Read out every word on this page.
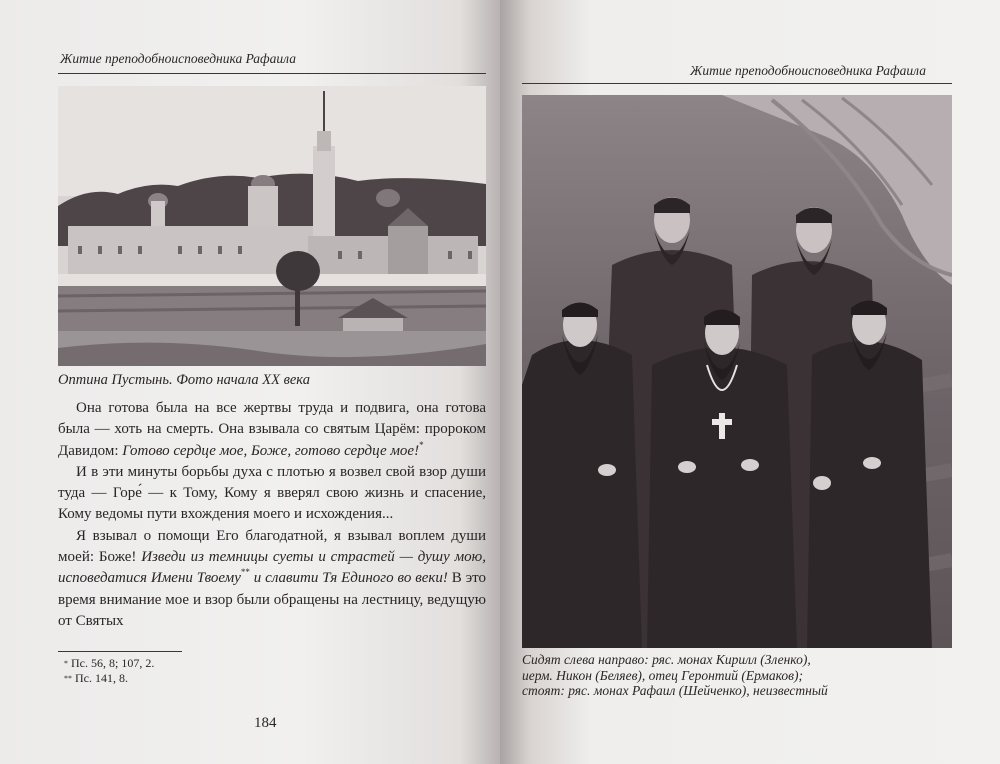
Житие преподобноисповедника Рафаила
Оптина Пустынь. Фото начала XX века

Она готова была на все жертвы труда и подвига, она готова была — хоть на смерть. Она взывала со святым Царём: пророком Давидом: Готово сердце мое, Боже, готово сердце мое!*

И в эти минуты борьбы духа с плотью я возвел свой взор души туда — Горе́ — к Тому, Кому я вверял свою жизнь и спасение, Кому ведомы пути вхождения моего и исхождения...

Я взывал о помощи Его благодатной, я взывал воплем души моей: Боже! Изведи из темницы суеты и страстей — душу мою, исповедатися Имени Твоему** и славити Тя Единого во веки! В это время внимание мое и взор были обращены на лестницу, ведущую от Святых

* Пс. 56, 8; 107, 2.
** Пс. 141, 8.
184
Житие преподобноисповедника Рафаила
Сидят слева направо: ряс. монах Кирилл (Зленко),
иерм. Никон (Беляев), отец Геронтий (Ермаков);
стоят: ряс. монах Рафаил (Шейченко), неизвестный
